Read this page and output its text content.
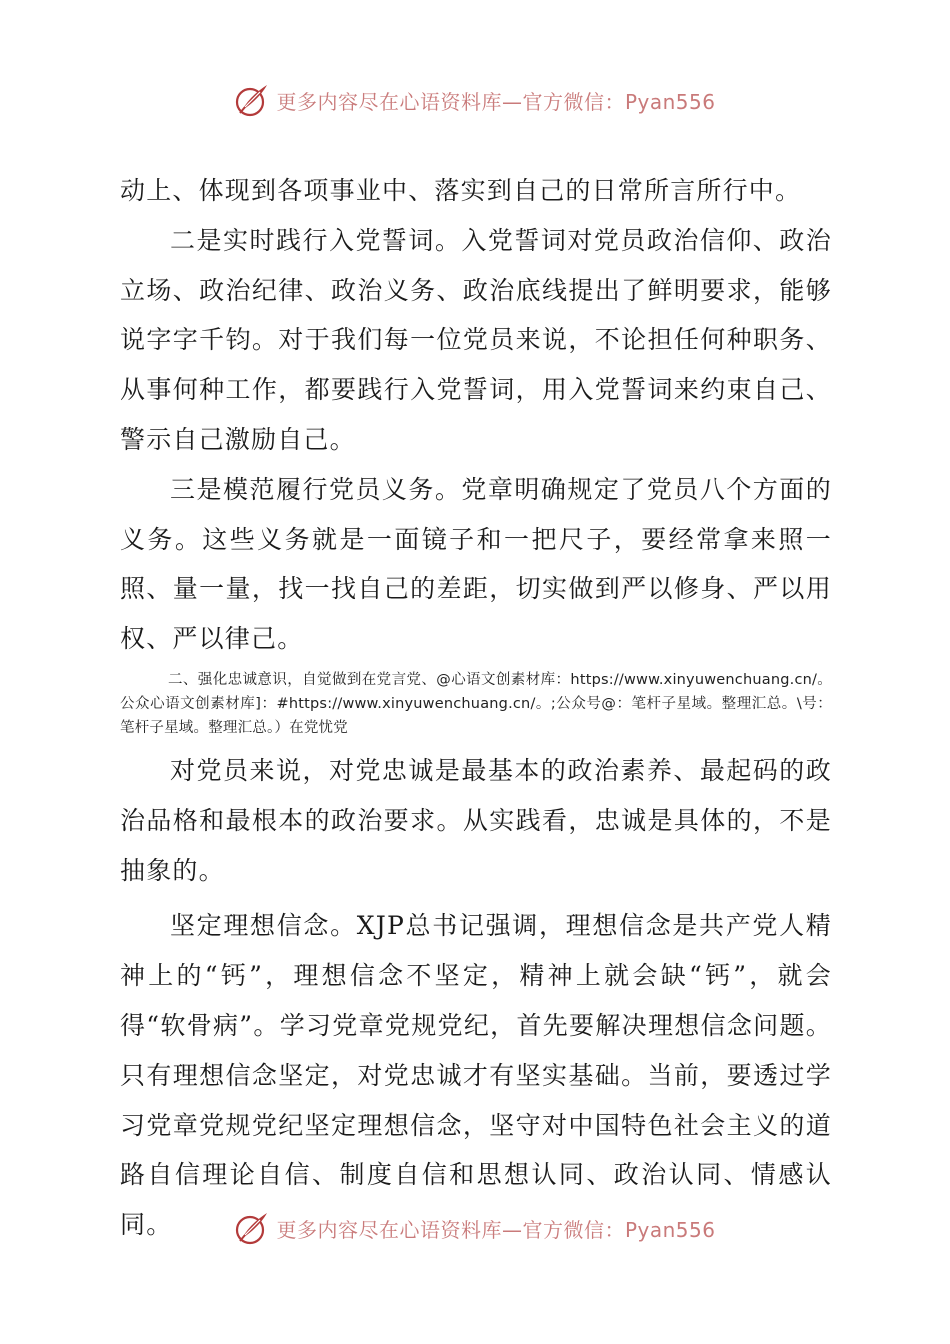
更多内容尽在心语资料库—官方微信：Pyan556

动上、体现到各项事业中、落实到自己的日常所言所行中。

二是实时践行入党誓词。入党誓词对党员政治信仰、政治立场、政治纪律、政治义务、政治底线提出了鲜明要求，能够说字字千钧。对于我们每一位党员来说，不论担任何种职务、从事何种工作，都要践行入党誓词，用入党誓词来约束自己、警示自己激励自己。

三是模范履行党员义务。党章明确规定了党员八个方面的义务。这些义务就是一面镜子和一把尺子，要经常拿来照一照、量一量，找一找自己的差距，切实做到严以修身、严以用权、严以律己。

二、强化忠诚意识，自觉做到在党言党、@心语文创素材库：https://www.xinyuwenchuang.cn/。公众心语文创素材库]：#https://www.xinyuwenchuang.cn/。;公众号@：笔杆子星域。整理汇总。\号：笔杆子星域。整理汇总。）在党忧党

对党员来说，对党忠诚是最基本的政治素养、最起码的政治品格和最根本的政治要求。从实践看，忠诚是具体的，不是抽象的。

坚定理想信念。XJP总书记强调，理想信念是共产党人精神上的“钙”，理想信念不坚定，精神上就会缺“钙”，就会得“软骨病”。学习党章党规党纪，首先要解决理想信念问题。只有理想信念坚定，对党忠诚才有坚实基础。当前，要透过学习党章党规党纪坚定理想信念，坚守对中国特色社会主义的道路自信理论自信、制度自信和思想认同、政治认同、情感认同。	更多内容尽在心语资料库—官方微信：Pyan556
